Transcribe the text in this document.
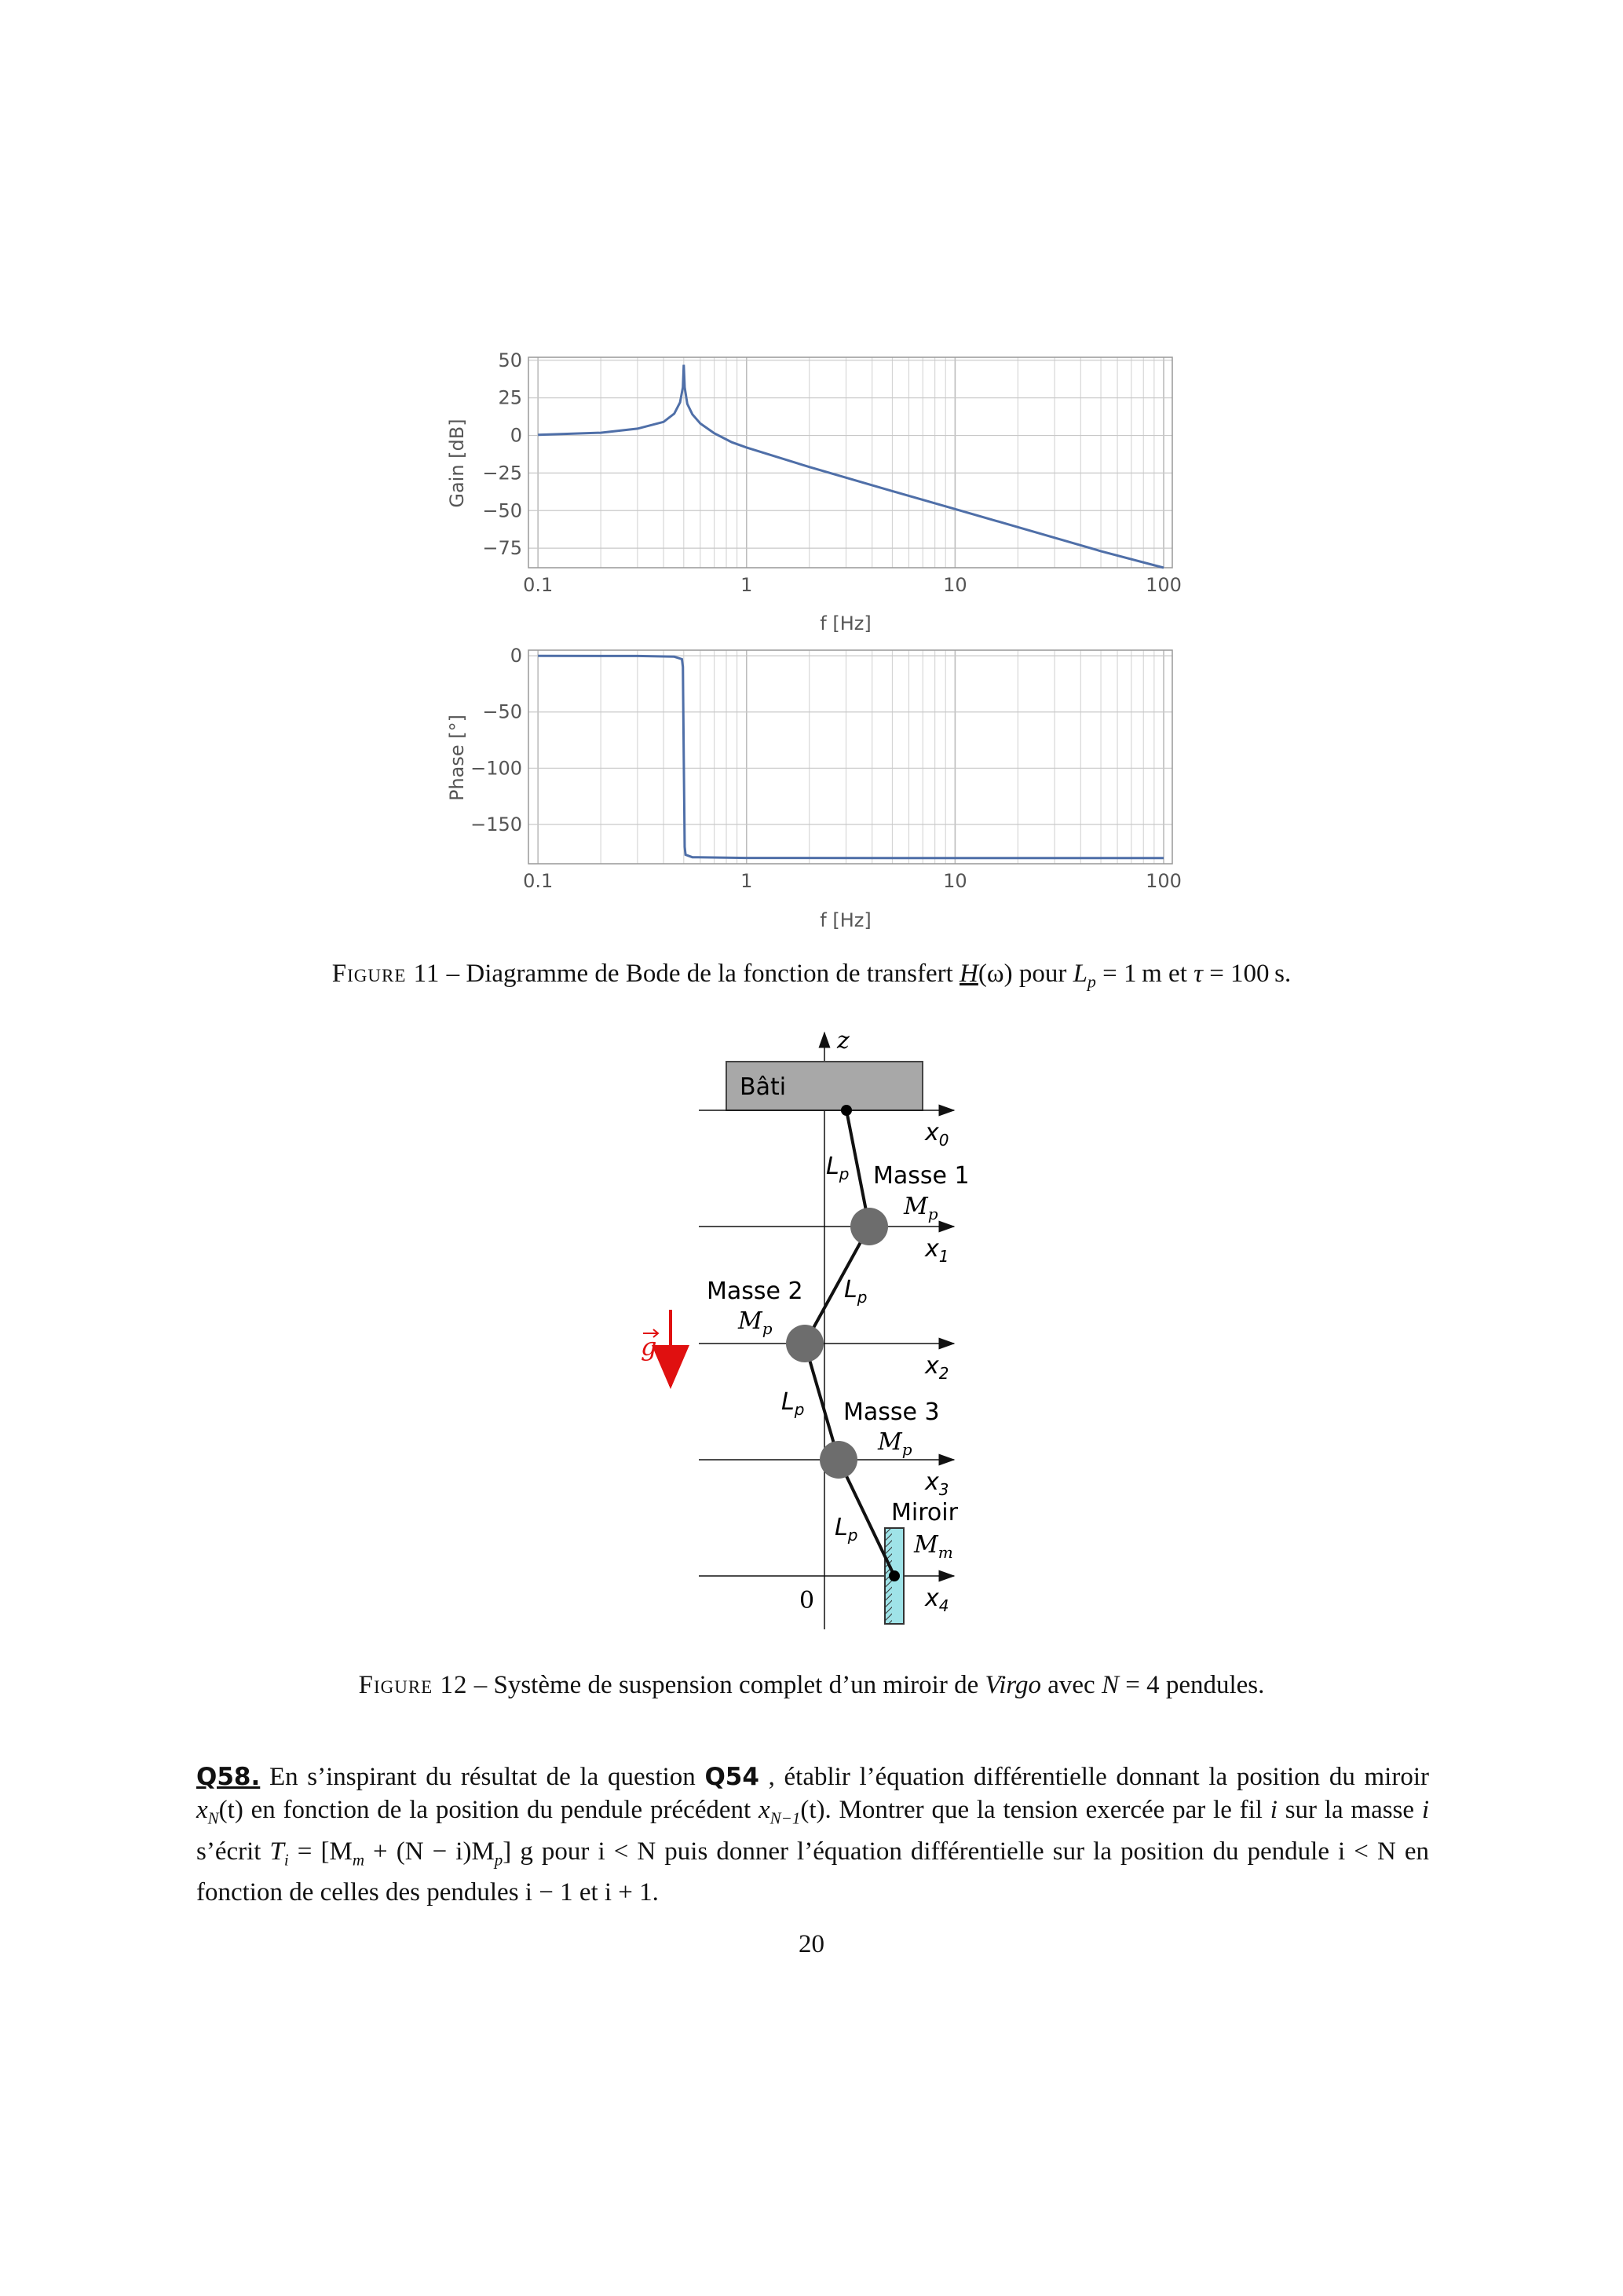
50
25
0
−25
−50
−75
0.1	1	10	100
Gain [dB]
f [Hz]
0
−50
−100
−150
0.1	1	10	100
Phase [°]
f [Hz]
Figure 11 – Diagramme de Bode de la fonction de transfert H(ω) pour $L_p = 1$ m et τ = 100 s.
z
Bâti
$x_0$
$x_1$
$x_2$
$x_3$
$x_4$
$L_p$
$L_p$
$L_p$
$L_p$
Masse 1
$M_p$
Masse 2
$M_p$
Masse 3
$M_p$
Miroir
$M_m$
0
g
Figure 12 – Système de suspension complet d’un miroir de Virgo avec N = 4 pendules.
Q58. En s’inspirant du résultat de la question Q54 , établir l’équation différentielle donnant la position du miroir $x_N(t)$ en fonction de la position du pendule précédent $x_{N-1}(t)$. Montrer que la tension exercée par le fil i sur la masse i s’écrit $T_i = [M_m + (N - i)M_p]$ g pour i < N puis donner l’équation différentielle sur la position du pendule i < N en fonction de celles des pendules i − 1 et i + 1.
20
